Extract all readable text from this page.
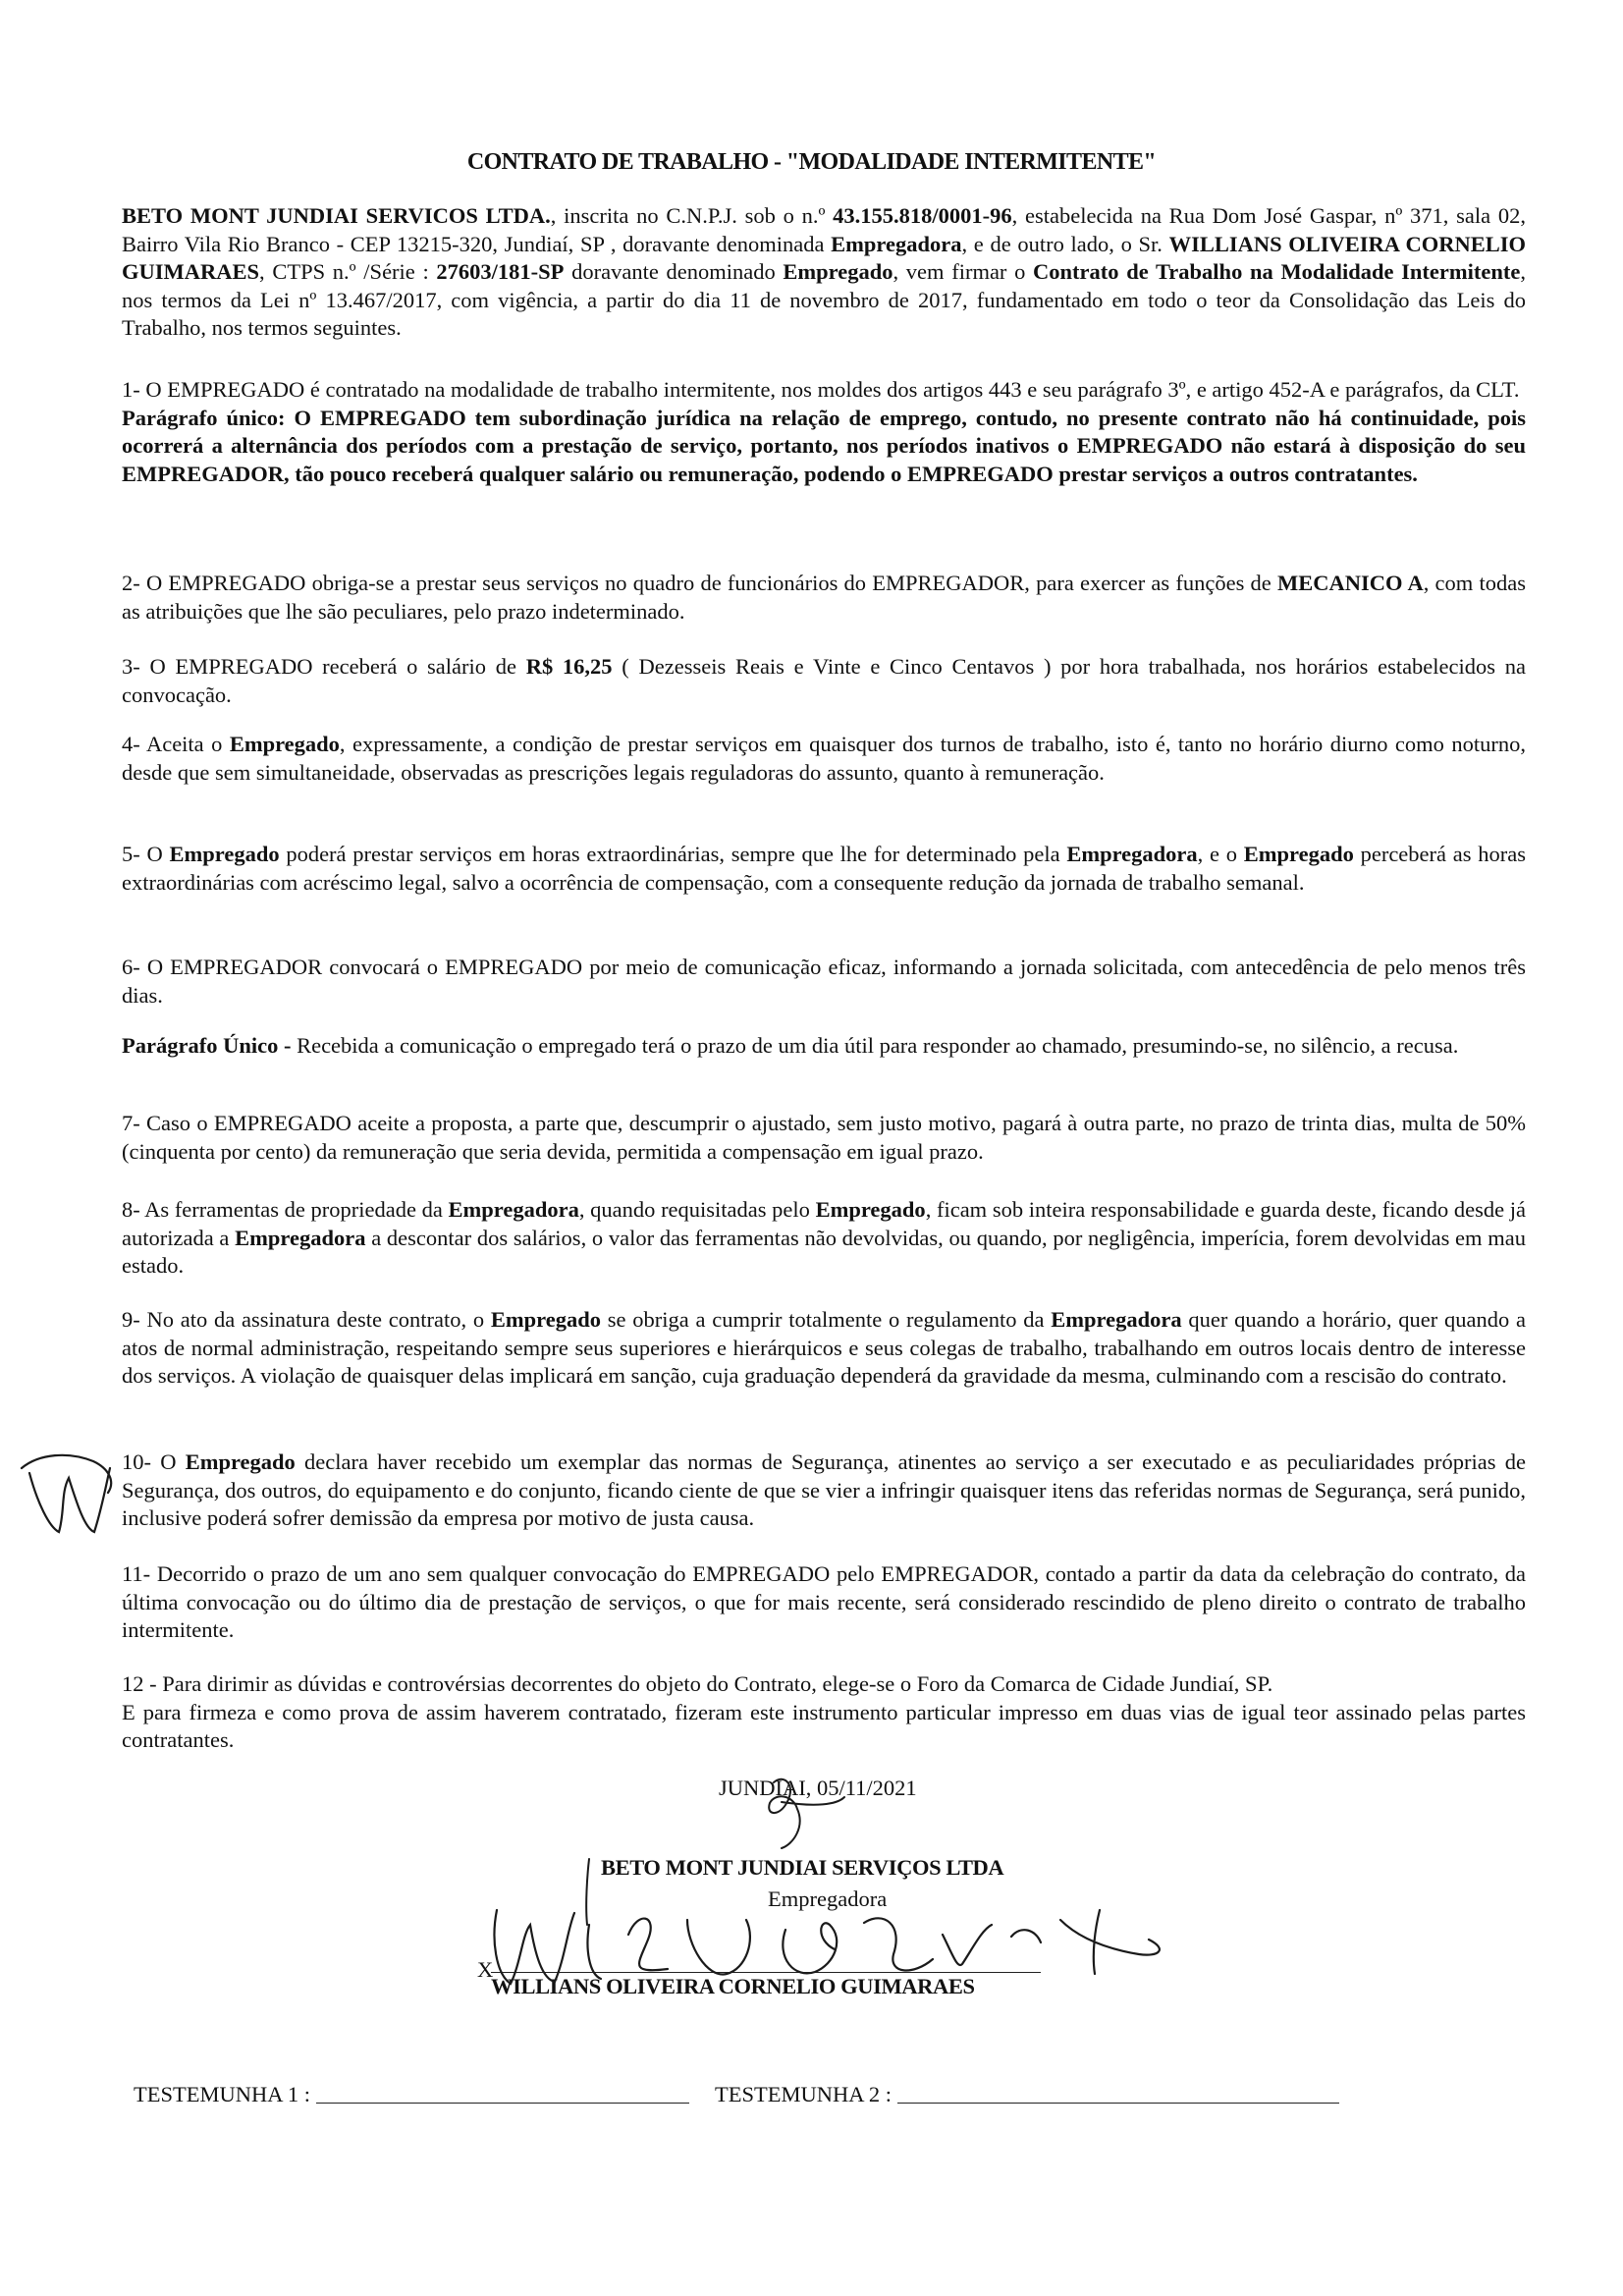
CONTRATO DE TRABALHO - "MODALIDADE INTERMITENTE"

BETO MONT JUNDIAI SERVICOS LTDA., inscrita no C.N.P.J. sob o n.º 43.155.818/0001-96, estabelecida na Rua Dom José Gaspar, nº 371, sala 02, Bairro Vila Rio Branco - CEP 13215-320, Jundiaí, SP , doravante denominada Empregadora, e de outro lado, o Sr. WILLIANS OLIVEIRA CORNELIO GUIMARAES, CTPS n.º /Série : 27603/181-SP doravante denominado Empregado, vem firmar o Contrato de Trabalho na Modalidade Intermitente, nos termos da Lei nº 13.467/2017, com vigência, a partir do dia 11 de novembro de 2017, fundamentado em todo o teor da Consolidação das Leis do Trabalho, nos termos seguintes.

1- O EMPREGADO é contratado na modalidade de trabalho intermitente, nos moldes dos artigos 443 e seu parágrafo 3º, e artigo 452-A e parágrafos, da CLT.

Parágrafo único: O EMPREGADO tem subordinação jurídica na relação de emprego, contudo, no presente contrato não há continuidade, pois ocorrerá a alternância dos períodos com a prestação de serviço, portanto, nos períodos inativos o EMPREGADO não estará à disposição do seu EMPREGADOR, tão pouco receberá qualquer salário ou remuneração, podendo o EMPREGADO prestar serviços a outros contratantes.

2- O EMPREGADO obriga-se a prestar seus serviços no quadro de funcionários do EMPREGADOR, para exercer as funções de MECANICO A, com todas as atribuições que lhe são peculiares, pelo prazo indeterminado.

3- O EMPREGADO receberá o salário de R$ 16,25 ( Dezesseis Reais e Vinte e Cinco Centavos ) por hora trabalhada, nos horários estabelecidos na convocação.

4- Aceita o Empregado, expressamente, a condição de prestar serviços em quaisquer dos turnos de trabalho, isto é, tanto no horário diurno como noturno, desde que sem simultaneidade, observadas as prescrições legais reguladoras do assunto, quanto à remuneração.

5- O Empregado poderá prestar serviços em horas extraordinárias, sempre que lhe for determinado pela Empregadora, e o Empregado perceberá as horas extraordinárias com acréscimo legal, salvo a ocorrência de compensação, com a consequente redução da jornada de trabalho semanal.

6- O EMPREGADOR convocará o EMPREGADO por meio de comunicação eficaz, informando a jornada solicitada, com antecedência de pelo menos três dias.

Parágrafo Único - Recebida a comunicação o empregado terá o prazo de um dia útil para responder ao chamado, presumindo-se, no silêncio, a recusa.

7- Caso o EMPREGADO aceite a proposta, a parte que, descumprir o ajustado, sem justo motivo, pagará à outra parte, no prazo de trinta dias, multa de 50% (cinquenta por cento) da remuneração que seria devida, permitida a compensação em igual prazo.

8- As ferramentas de propriedade da Empregadora, quando requisitadas pelo Empregado, ficam sob inteira responsabilidade e guarda deste, ficando desde já autorizada a Empregadora a descontar dos salários, o valor das ferramentas não devolvidas, ou quando, por negligência, imperícia, forem devolvidas em mau estado.

9- No ato da assinatura deste contrato, o Empregado se obriga a cumprir totalmente o regulamento da Empregadora quer quando a horário, quer quando a atos de normal administração, respeitando sempre seus superiores e hierárquicos e seus colegas de trabalho, trabalhando em outros locais dentro de interesse dos serviços. A violação de quaisquer delas implicará em sanção, cuja graduação dependerá da gravidade da mesma, culminando com a rescisão do contrato.

10- O Empregado declara haver recebido um exemplar das normas de Segurança, atinentes ao serviço a ser executado e as peculiaridades próprias de Segurança, dos outros, do equipamento e do conjunto, ficando ciente de que se vier a infringir quaisquer itens das referidas normas de Segurança, será punido, inclusive poderá sofrer demissão da empresa por motivo de justa causa.

11- Decorrido o prazo de um ano sem qualquer convocação do EMPREGADO pelo EMPREGADOR, contado a partir da data da celebração do contrato, da última convocação ou do último dia de prestação de serviços, o que for mais recente, será considerado rescindido de pleno direito o contrato de trabalho intermitente.

12 - Para dirimir as dúvidas e controvérsias decorrentes do objeto do Contrato, elege-se o Foro da Comarca de Cidade Jundiaí, SP.

E para firmeza e como prova de assim haverem contratado, fizeram este instrumento particular impresso em duas vias de igual teor assinado pelas partes contratantes.

JUNDIAI, 05/11/2021
BETO MONT JUNDIAI SERVIÇOS LTDA
Empregadora
X
WILLIANS OLIVEIRA CORNELIO GUIMARAES
TESTEMUNHA 1 :	TESTEMUNHA 2 :
